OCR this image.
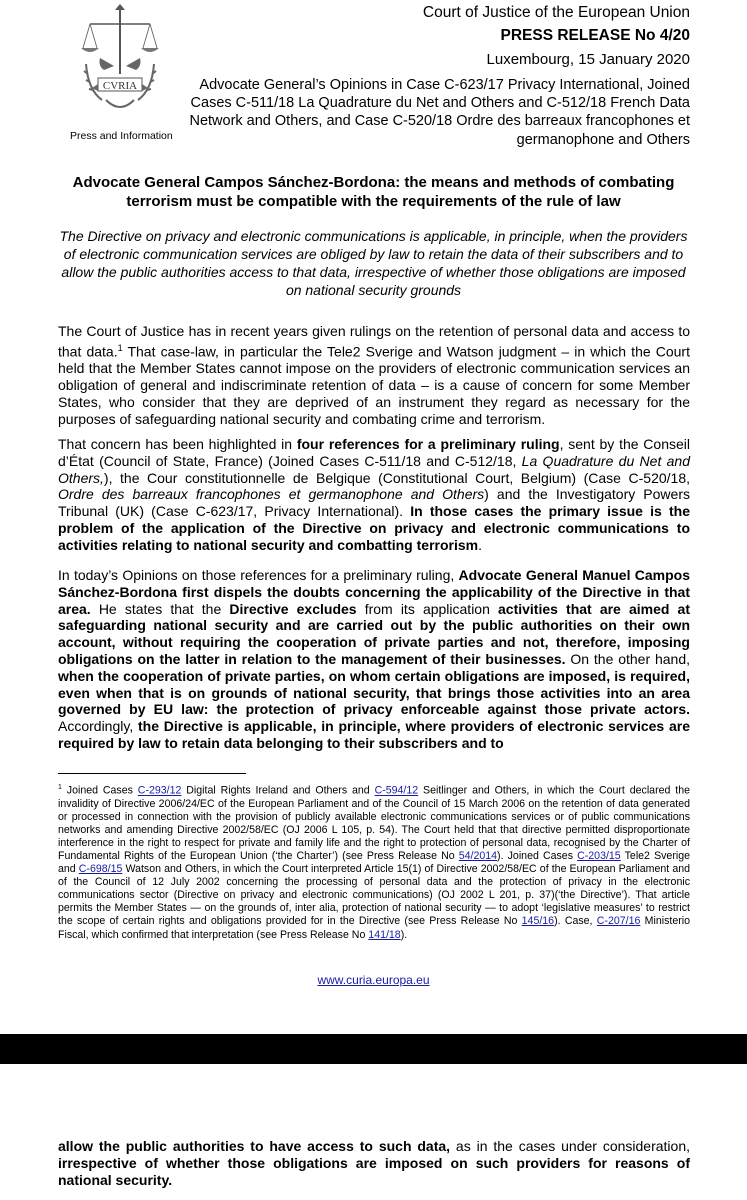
CVRIA
Press and Information
Court of Justice of the European Union
PRESS RELEASE No 4/20
Luxembourg, 15 January 2020
Advocate General’s Opinions in Case C-623/17 Privacy International, Joined Cases C-511/18 La Quadrature du Net and Others and C-512/18 French Data Network and Others, and Case C-520/18 Ordre des barreaux francophones et germanophone and Others
Advocate General Campos Sánchez-Bordona: the means and methods of combating terrorism must be compatible with the requirements of the rule of law
The Directive on privacy and electronic communications is applicable, in principle, when the providers of electronic communication services are obliged by law to retain the data of their subscribers and to allow the public authorities access to that data, irrespective of whether those obligations are imposed on national security grounds
The Court of Justice has in recent years given rulings on the retention of personal data and access to that data.$^1$ That case-law, in particular the Tele2 Sverige and Watson judgment – in which the Court held that the Member States cannot impose on the providers of electronic communication services an obligation of general and indiscriminate retention of data – is a cause of concern for some Member States, who consider that they are deprived of an instrument they regard as necessary for the purposes of safeguarding national security and combating crime and terrorism.
That concern has been highlighted in four references for a preliminary ruling, sent by the Conseil d’État (Council of State, France) (Joined Cases C-511/18 and C-512/18, La Quadrature du Net and Others,), the Cour constitutionnelle de Belgique (Constitutional Court, Belgium) (Case C-520/18, Ordre des barreaux francophones et germanophone and Others) and the Investigatory Powers Tribunal (UK) (Case C-623/17, Privacy International). In those cases the primary issue is the problem of the application of the Directive on privacy and electronic communications to activities relating to national security and combatting terrorism.
In today’s Opinions on those references for a preliminary ruling, Advocate General Manuel Campos Sánchez-Bordona first dispels the doubts concerning the applicability of the Directive in that area. He states that the Directive excludes from its application activities that are aimed at safeguarding national security and are carried out by the public authorities on their own account, without requiring the cooperation of private parties and not, therefore, imposing obligations on the latter in relation to the management of their businesses. On the other hand, when the cooperation of private parties, on whom certain obligations are imposed, is required, even when that is on grounds of national security, that brings those activities into an area governed by EU law: the protection of privacy enforceable against those private actors. Accordingly, the Directive is applicable, in principle, where providers of electronic services are required by law to retain data belonging to their subscribers and to
$^1$ Joined Cases C-293/12 Digital Rights Ireland and Others and C-594/12 Seitlinger and Others, in which the Court declared the invalidity of Directive 2006/24/EC of the European Parliament and of the Council of 15 March 2006 on the retention of data generated or processed in connection with the provision of publicly available electronic communications services or of public communications networks and amending Directive 2002/58/EC (OJ 2006 L 105, p. 54). The Court held that that directive permitted disproportionate interference in the right to respect for private and family life and the right to protection of personal data, recognised by the Charter of Fundamental Rights of the European Union (‘the Charter’) (see Press Release No 54/2014). Joined Cases C-203/15 Tele2 Sverige and C-698/15 Watson and Others, in which the Court interpreted Article 15(1) of Directive 2002/58/EC of the European Parliament and of the Council of 12 July 2002 concerning the processing of personal data and the protection of privacy in the electronic communications sector (Directive on privacy and electronic communications) (OJ 2002 L 201, p. 37)(‘the Directive’). That article permits the Member States — on the grounds of, inter alia, protection of national security — to adopt ‘legislative measures’ to restrict the scope of certain rights and obligations provided for in the Directive (see Press Release No 145/16). Case, C-207/16 Ministerio Fiscal, which confirmed that interpretation (see Press Release No 141/18).
www.curia.europa.eu
allow the public authorities to have access to such data, as in the cases under consideration, irrespective of whether those obligations are imposed on such providers for reasons of national security.
